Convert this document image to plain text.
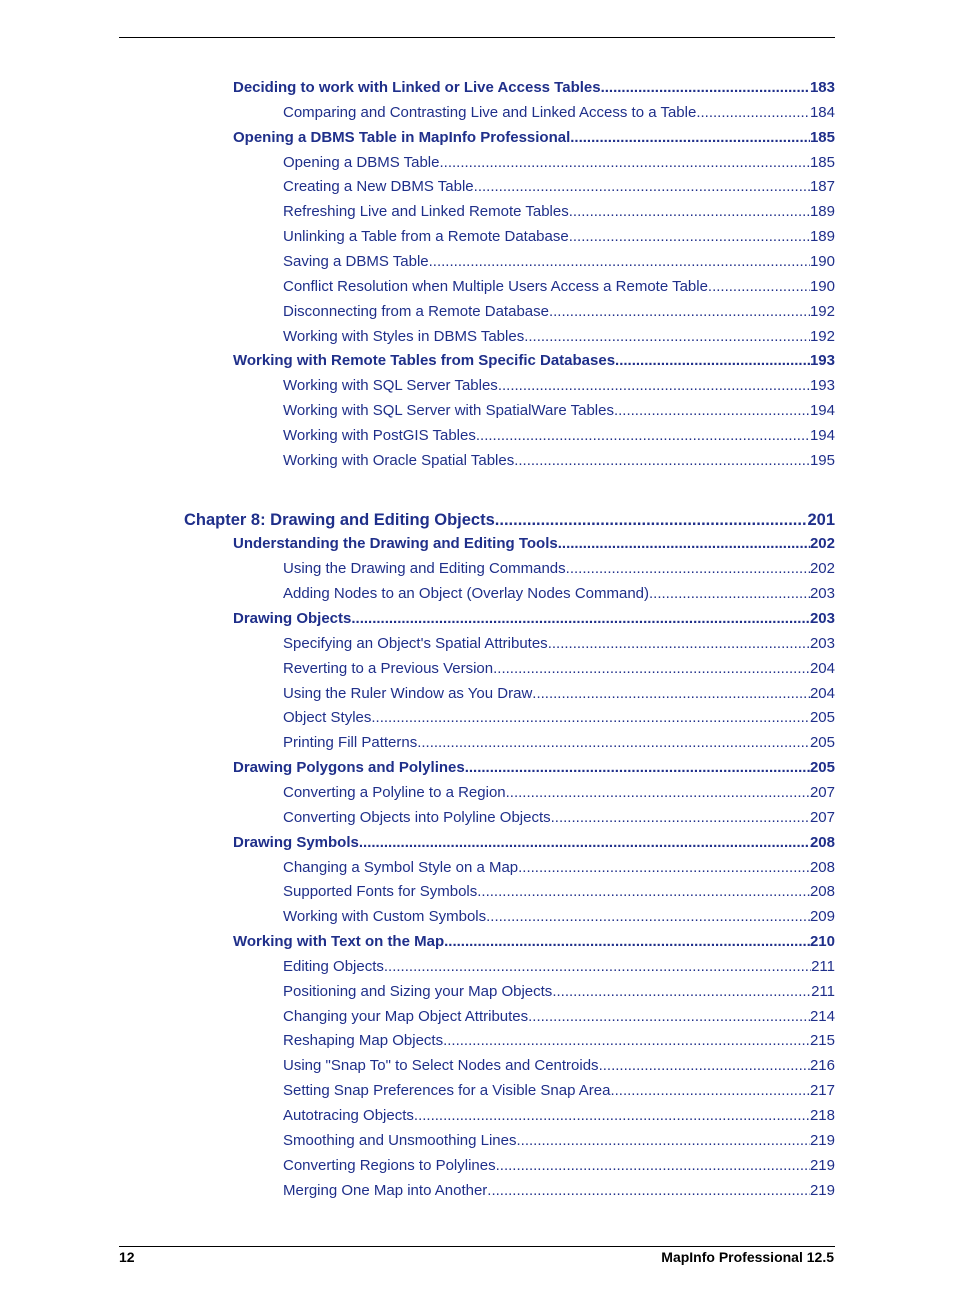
Deciding to work with Linked or Live Access Tables .....	183
Comparing and Contrasting Live and Linked Access to a Table .....	184
Opening a DBMS Table in MapInfo Professional .....	185
Opening a DBMS Table .....	185
Creating a New DBMS Table .....	187
Refreshing Live and Linked Remote Tables .....	189
Unlinking a Table from a Remote Database .....	189
Saving a DBMS Table .....	190
Conflict Resolution when Multiple Users Access a Remote Table .....	190
Disconnecting from a Remote Database .....	192
Working with Styles in DBMS Tables .....	192
Working with Remote Tables from Specific Databases .....	193
Working with SQL Server Tables .....	193
Working with SQL Server with SpatialWare Tables .....	194
Working with PostGIS Tables .....	194
Working with Oracle Spatial Tables .....	195
Chapter 8: Drawing and Editing Objects .....	201
Understanding the Drawing and Editing Tools .....	202
Using the Drawing and Editing Commands .....	202
Adding Nodes to an Object (Overlay Nodes Command) .....	203
Drawing Objects .....	203
Specifying an Object's Spatial Attributes .....	203
Reverting to a Previous Version .....	204
Using the Ruler Window as You Draw .....	204
Object Styles .....	205
Printing Fill Patterns .....	205
Drawing Polygons and Polylines .....	205
Converting a Polyline to a Region .....	207
Converting Objects into Polyline Objects .....	207
Drawing Symbols .....	208
Changing a Symbol Style on a Map .....	208
Supported Fonts for Symbols .....	208
Working with Custom Symbols .....	209
Working with Text on the Map .....	210
Editing Objects .....	211
Positioning and Sizing your Map Objects .....	211
Changing your Map Object Attributes .....	214
Reshaping Map Objects .....	215
Using "Snap To" to Select Nodes and Centroids .....	216
Setting Snap Preferences for a Visible Snap Area .....	217
Autotracing Objects .....	218
Smoothing and Unsmoothing Lines .....	219
Converting Regions to Polylines .....	219
Merging One Map into Another .....	219
12	MapInfo Professional 12.5
